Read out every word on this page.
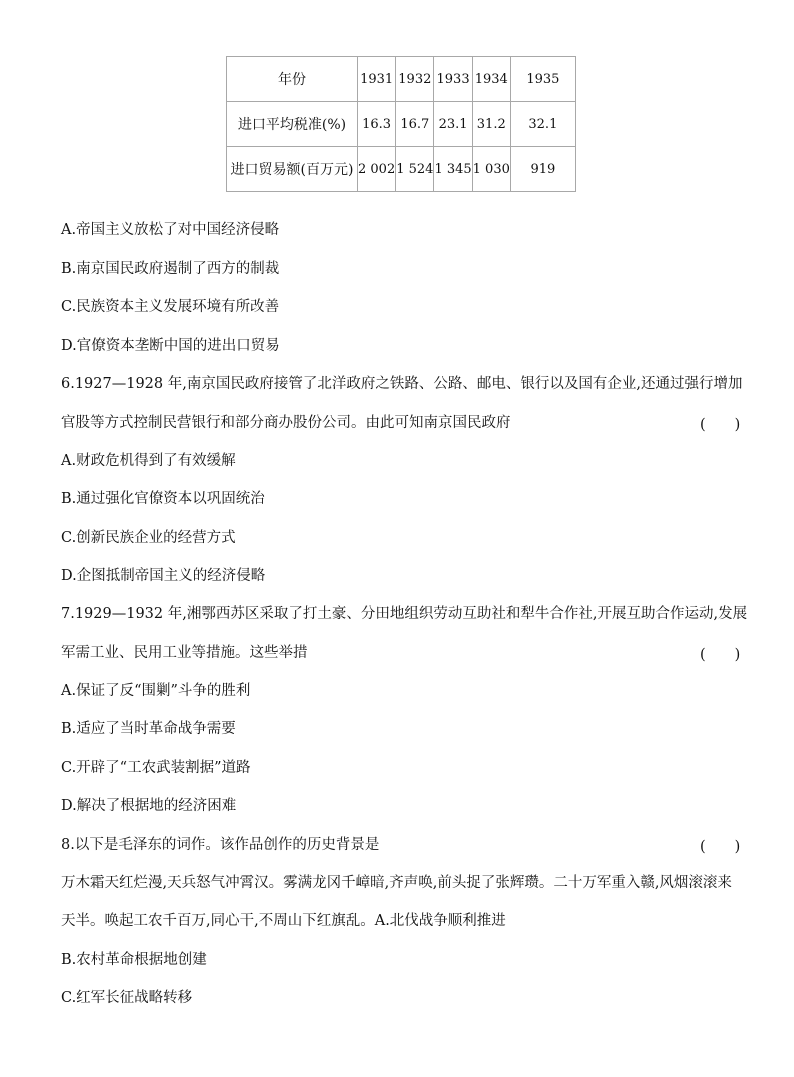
年份	1931	1932	1933	1934	1935
进口平均税准(%)	16.3	16.7	23.1	31.2	32.1
进口贸易额(百万元)	2 002	1 524	1 345	1 030	919
A.帝国主义放松了对中国经济侵略
B.南京国民政府遏制了西方的制裁
C.民族资本主义发展环境有所改善
D.官僚资本垄断中国的进出口贸易
6.1927—1928 年,南京国民政府接管了北洋政府之铁路、公路、邮电、银行以及国有企业,还通过强行增加
官股等方式控制民营银行和部分商办股份公司。由此可知南京国民政府	(　　)
A.财政危机得到了有效缓解
B.通过强化官僚资本以巩固统治
C.创新民族企业的经营方式
D.企图抵制帝国主义的经济侵略
7.1929—1932 年,湘鄂西苏区采取了打土豪、分田地组织劳动互助社和犁牛合作社,开展互助合作运动,发展
军需工业、民用工业等措施。这些举措	(　　)
A.保证了反“围剿”斗争的胜利
B.适应了当时革命战争需要
C.开辟了“工农武装割据”道路
D.解决了根据地的经济困难
8.以下是毛泽东的词作。该作品创作的历史背景是	(　　)
万木霜天红烂漫,天兵怒气冲霄汉。雾满龙冈千嶂暗,齐声唤,前头捉了张辉瓒。二十万军重入赣,风烟滚滚来
天半。唤起工农千百万,同心干,不周山下红旗乱。A.北伐战争顺利推进
B.农村革命根据地创建
C.红军长征战略转移
